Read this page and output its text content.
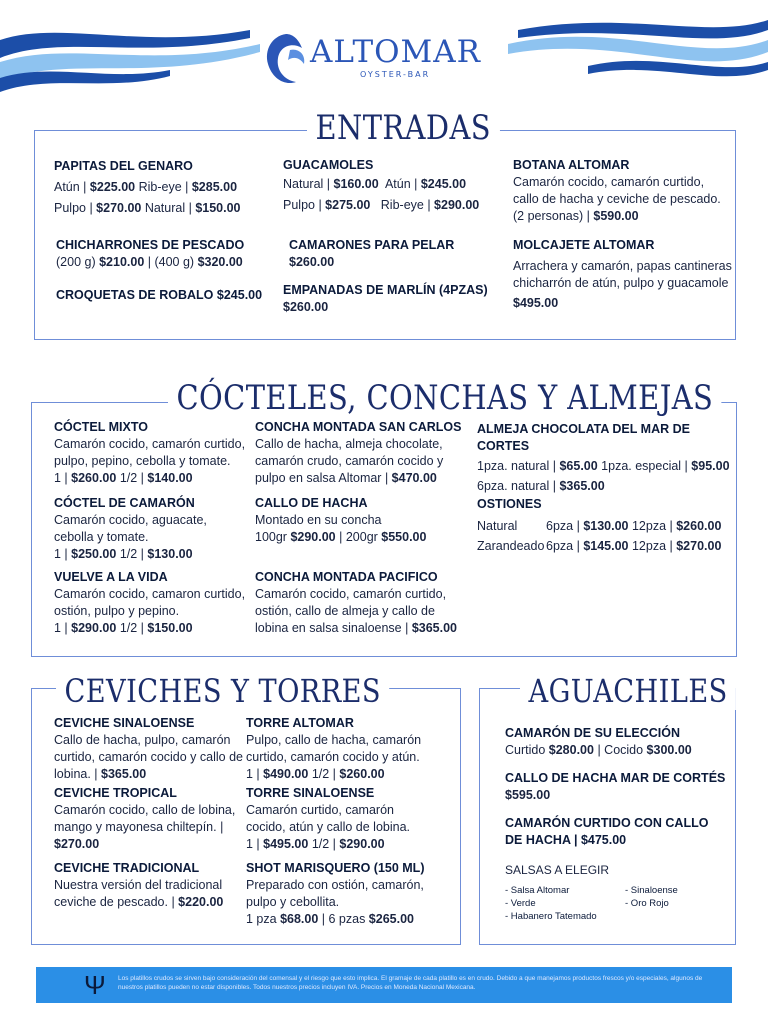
ALTOMAR
OYSTER-BAR
ENTRADAS
PAPITAS DEL GENARO
Atún | $225.00 Rib-eye | $285.00
Pulpo | $270.00 Natural | $150.00
GUACAMOLES
Natural | $160.00  Atún | $245.00
Pulpo | $275.00   Rib-eye | $290.00
BOTANA ALTOMAR
Camarón cocido, camarón curtido, callo de hacha y ceviche de pescado. (2 personas) | $590.00
CHICHARRONES DE PESCADO
(200 g) $210.00 | (400 g) $320.00
CAMARONES PARA PELAR
$260.00
MOLCAJETE ALTOMAR
Arrachera y camarón, papas cantineras chicharrón de atún, pulpo y guacamole
$495.00
CROQUETAS DE ROBALO $245.00	EMPANADAS DE MARLÍN (4PZAS)
$260.00
CÓCTELES, CONCHAS Y ALMEJAS
CÓCTEL MIXTO
Camarón cocido, camarón curtido, pulpo, pepino, cebolla y tomate.
1 | $260.00 1/2 | $140.00
CÓCTEL DE CAMARÓN
Camarón cocido, aguacate, cebolla y tomate.
1 | $250.00 1/2 | $130.00
VUELVE A LA VIDA
Camarón cocido, camaron curtido, ostión, pulpo y pepino.
1 | $290.00 1/2 | $150.00
CONCHA MONTADA SAN CARLOS
Callo de hacha, almeja chocolate, camarón crudo, camarón cocido y pulpo en salsa Altomar | $470.00
CALLO DE HACHA
Montado en su concha
100gr $290.00 | 200gr $550.00
CONCHA MONTADA PACIFICO
Camarón cocido, camarón curtido, ostión, callo de almeja y callo de lobina en salsa sinaloense | $365.00
ALMEJA CHOCOLATA DEL MAR DE CORTES
1pza. natural | $65.00 1pza. especial | $95.00
6pza. natural | $365.00
OSTIONES
Natural 6pza | $130.00 12pza | $260.00
Zarandeado 6pza | $145.00 12pza | $270.00
CEVICHES Y TORRES
CEVICHE SINALOENSE
Callo de hacha, pulpo, camarón curtido, camarón cocido y callo de lobina. | $365.00
CEVICHE TROPICAL
Camarón cocido, callo de lobina, mango y mayonesa chiltepín. | $270.00
CEVICHE TRADICIONAL
Nuestra versión del tradicional ceviche de pescado. | $220.00
TORRE ALTOMAR
Pulpo, callo de hacha, camarón curtido, camarón cocido y atún.
1 | $490.00 1/2 | $260.00
TORRE SINALOENSE
Camarón curtido, camarón cocido, atún y callo de lobina.
1 | $495.00 1/2 | $290.00
SHOT MARISQUERO (150 ML)
Preparado con ostión, camarón, pulpo y cebollita.
1 pza $68.00 | 6 pzas $265.00
AGUACHILES
CAMARÓN DE SU ELECCIÓN
Curtido $280.00 | Cocido $300.00
CALLO DE HACHA MAR DE CORTÉS
$595.00
CAMARÓN CURTIDO CON CALLO DE HACHA | $475.00
SALSAS A ELEGIR
- Salsa Altomar
- Verde
- Habanero Tatemado
- Sinaloense
- Oro Rojo
Ψ Los platillos crudos se sirven bajo consideración del comensal y el riesgo que esto implica. El gramaje de cada platillo es en crudo. Debido a que manejamos productos frescos y/o especiales, algunos de nuestros platillos pueden no estar disponibles. Todos nuestros precios incluyen IVA. Precios en Moneda Nacional Mexicana.
